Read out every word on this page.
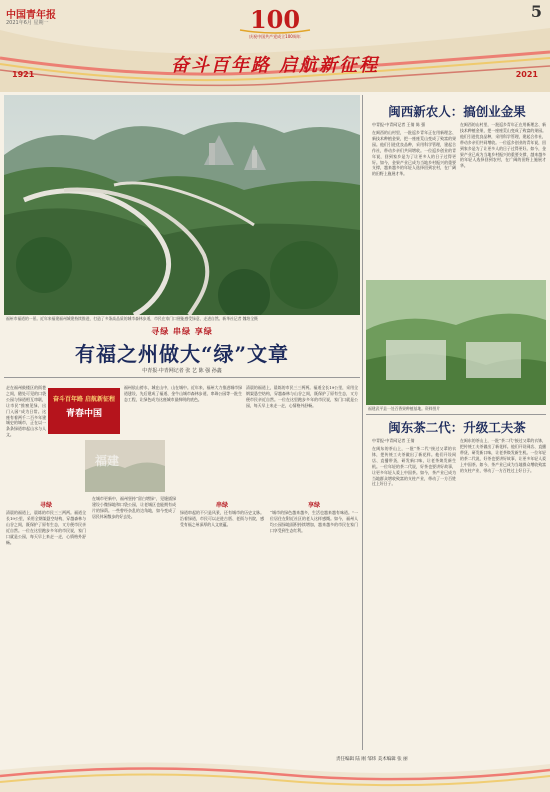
中国青年报
2021年6月 星期一
5
100
庆祝中国共产党成立100周年
1921	2021
奋斗百年路 启航新征程
福州市福道的一景。近年来福建福州城建持续推进，打造了多条高品质的城市森林步道，市民在家门口便能感受绿意，走进自然。新华社记者 魏培全摄
寻绿 串绿 享绿
有福之州做大“绿”文章
中青报·中青网记者 张 艺 陈 强 孙鑫
奋斗百年路 启航新征程
青春中国
走在福州鼓楼区的街巷之间，随处可见的口袋公园与绿道相互串联，让市民“推窗见绿、出门入园”成为日常。这座有着两千二百多年建城史的城市，正在以一条条绿道串起山水与人文。
福州依山傍水，城在山中，山在城中。近年来，福州大力推进城市绿道建设，先后建成了福道、金牛山城市森林步道、串珠公园等一批生态工程，让绿色成为这座城市最鲜明的底色。
清晨的福道上，晨练的市民三三两两。福道全长19公里，采用全钢架悬空结构，穿越森林与山谷之间，既保护了原有生态，又方便市民亲近自然。一位在这里跑步多年的市民说，家门口就是公园，每天早上来走一走，心情格外舒畅。
福建
寻绿
清晨的福道上，晨练的市民三三两两。福道全长19公里，采用全钢架悬空结构，穿越森林与山谷之间，既保护了原有生态，又方便市民亲近自然。一位在这里跑步多年的市民说，家门口就是公园，每天早上来走一走，心情格外舒畅。
在城市更新中，福州坚持“留白增绿”，见缝插绿建设小微绿地和口袋公园，让老城区也能拥有成片的绿荫。一些曾经杂乱的边角地，如今变成了居民休闲散步的好去处。
串绿
绿道串起的不只是风景，还有城市的历史文脉。沿着绿道，市民可以走进古厝、老街与书院，感受有福之州深厚的人文底蕴。
享绿
“城市的绿色越来越多，生活也越来越有味道。”一位居住在附近社区的老人这样感慨。如今，福州人均公园绿地面积持续增加，越来越多的市民在家门口享受到生态红利。
闽西新农人：搞创业金果
中青报·中青网记者 王倩 陈 强
在闽西的山村里，一批返乡青年正在用新理念、新技术种植金果，把一座座荒山变成了致富的果园。他们引进优良品种，采用科学管理，建起合作社，带动乡亲们共同增收。一位返乡创业的青年说，回到家乡是为了让更多人的日子过得更好。如今，金果产业已成为当地乡村振兴的重要支撑，越来越多的年轻人选择回到农村，在广阔的田野上施展才华。
在闽西的山村里，一批返乡青年正在用新理念、新技术种植金果，把一座座荒山变成了致富的果园。他们引进优良品种，采用科学管理，建起合作社，带动乡亲们共同增收。一位返乡创业的青年说，回到家乡是为了让更多人的日子过得更好。如今，金果产业已成为当地乡村振兴的重要支撑，越来越多的年轻人选择回到农村，在广阔的田野上施展才华。
福建武平县一处百香果种植基地。资料图片
闽东茶二代：升级工夫茶
中青报·中青网记者 王倩
在闽东的茶山上，一批“茶二代”接过父辈的衣钵，把传统工夫茶做出了新花样。他们开设网店、直播带货，研发新口味，让老茶焕发新生机。一位年轻的茶二代说，好茶也要讲好故事，让更多年轻人爱上中国茶。如今，茶产业已成为当地群众增收致富的支柱产业，带动了一方百姓过上好日子。
在闽东的茶山上，一批“茶二代”接过父辈的衣钵，把传统工夫茶做出了新花样。他们开设网店、直播带货，研发新口味，让老茶焕发新生机。一位年轻的茶二代说，好茶也要讲好故事，让更多年轻人爱上中国茶。如今，茶产业已成为当地群众增收致富的支柱产业，带动了一方百姓过上好日子。
责任编辑 陆 刚 邹炜 美术编辑 张 丽
